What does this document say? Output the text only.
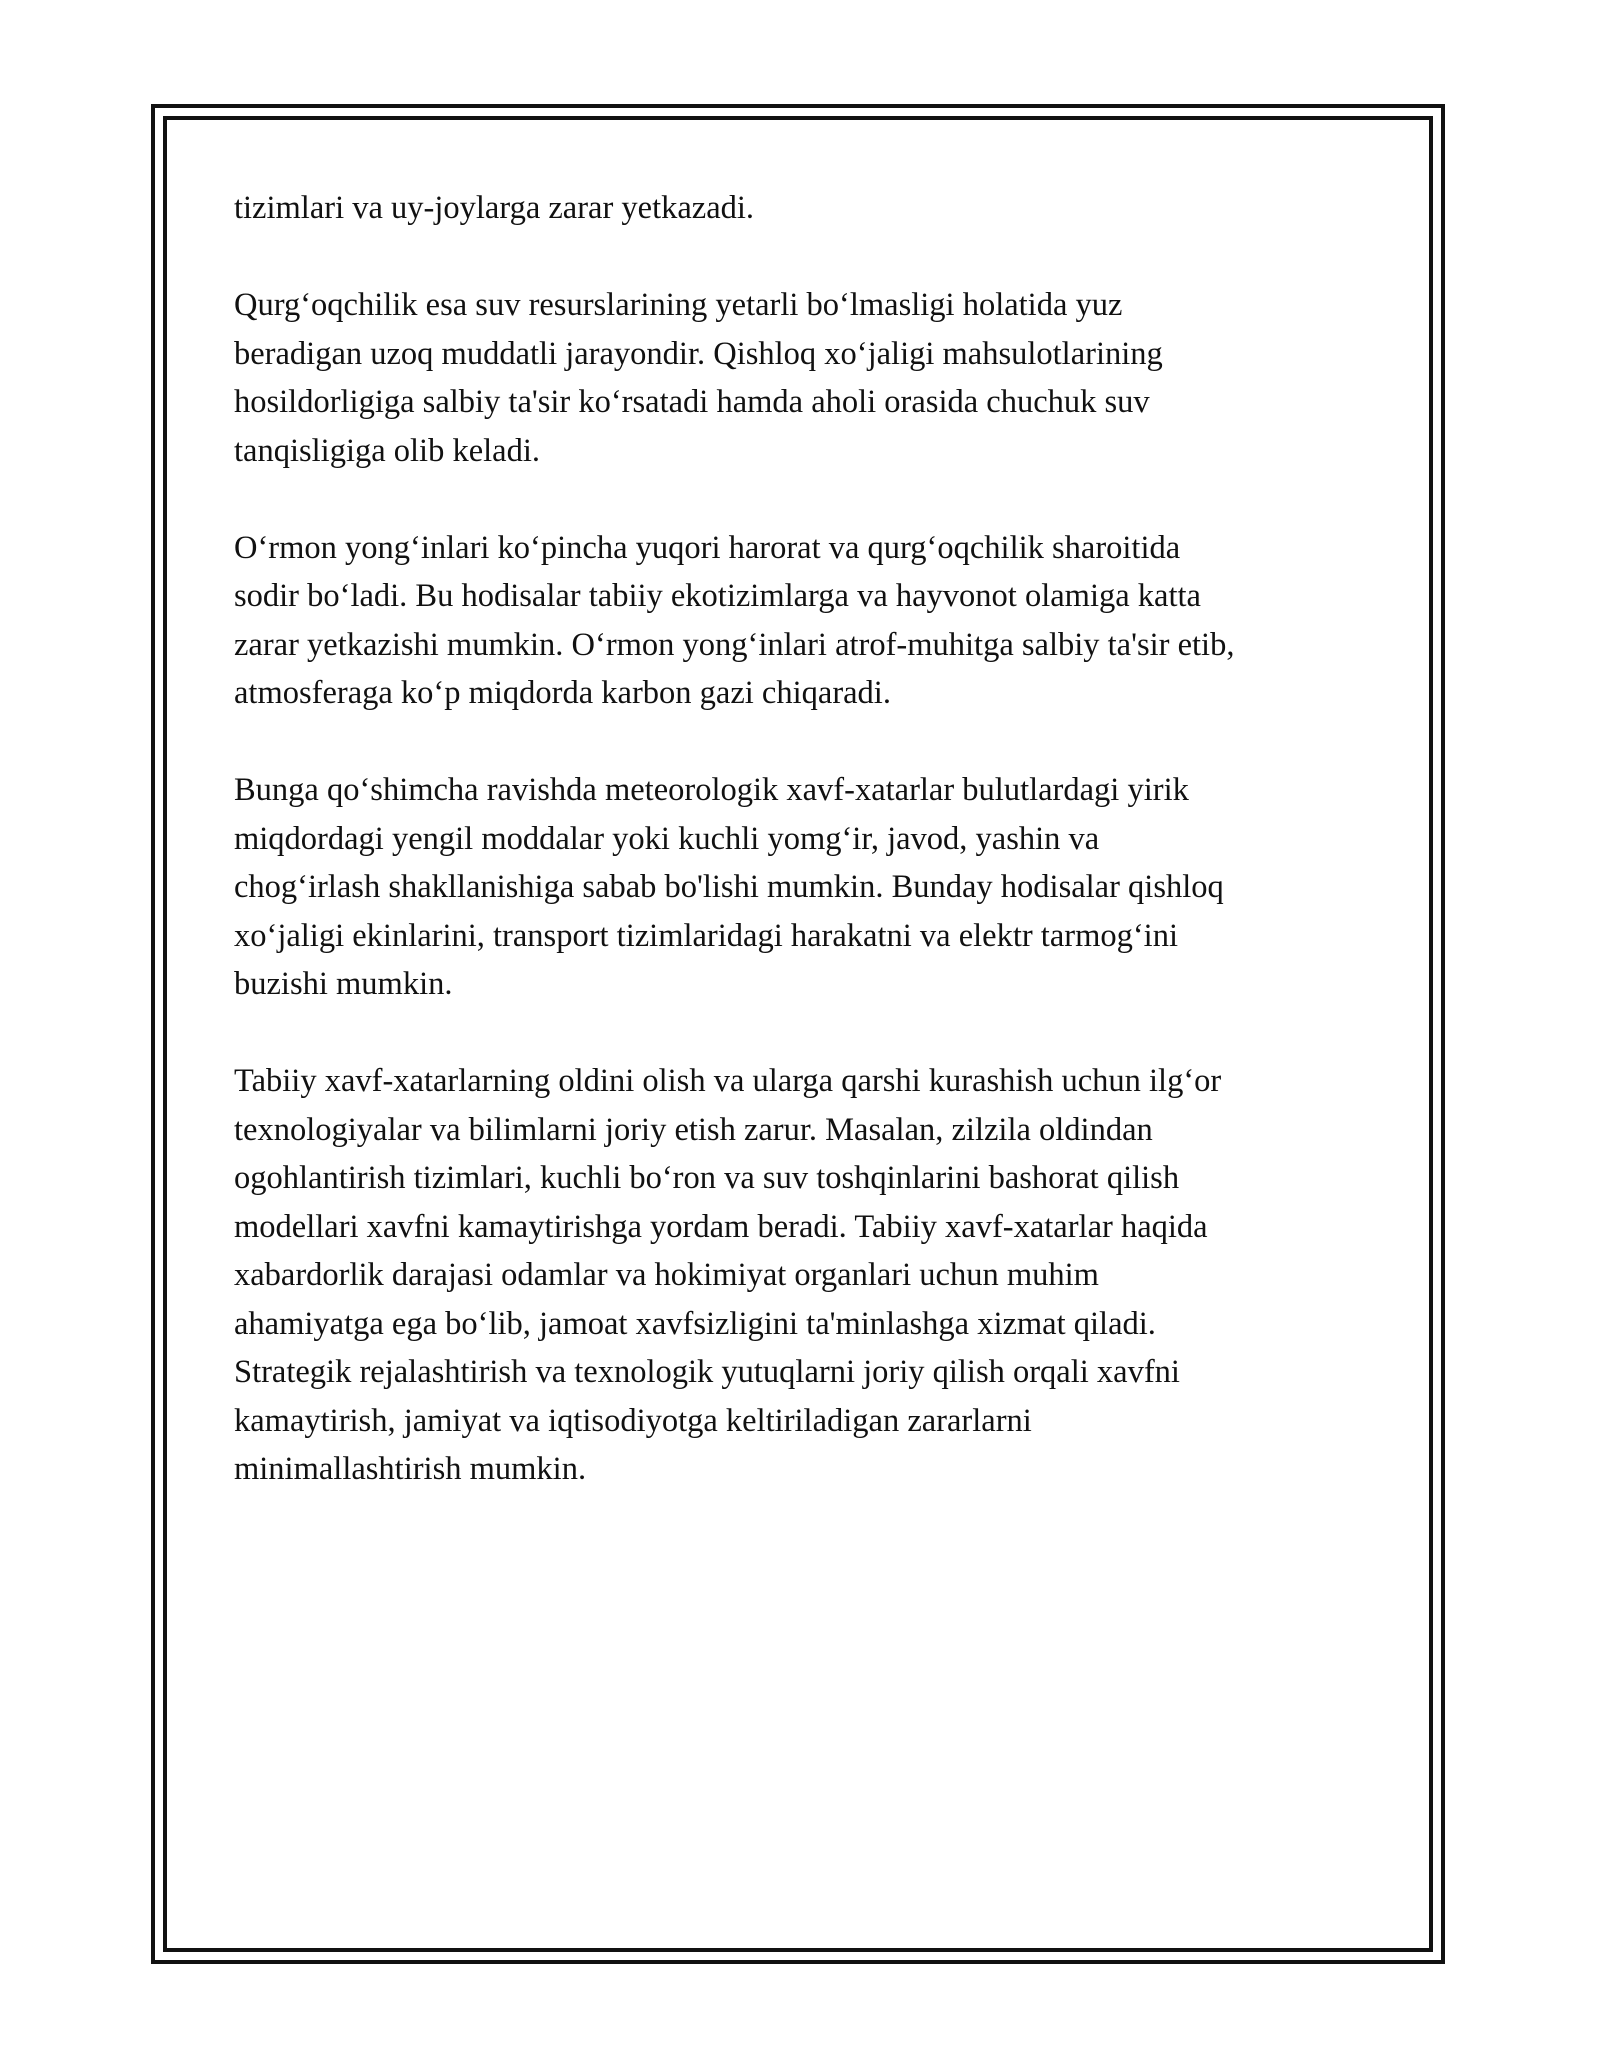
tizimlari va uy-joylarga zarar yetkazadi.

Qurg‘oqchilik esa suv resurslarining yetarli bo‘lmasligi holatida yuz
beradigan uzoq muddatli jarayondir. Qishloq xo‘jaligi mahsulotlarining
hosildorligiga salbiy ta'sir ko‘rsatadi hamda aholi orasida chuchuk suv
tanqisligiga olib keladi.

O‘rmon yong‘inlari ko‘pincha yuqori harorat va qurg‘oqchilik sharoitida
sodir bo‘ladi. Bu hodisalar tabiiy ekotizimlarga va hayvonot olamiga katta
zarar yetkazishi mumkin. O‘rmon yong‘inlari atrof-muhitga salbiy ta'sir etib,
atmosferaga ko‘p miqdorda karbon gazi chiqaradi.

Bunga qo‘shimcha ravishda meteorologik xavf-xatarlar bulutlardagi yirik
miqdordagi yengil moddalar yoki kuchli yomg‘ir, javod, yashin va
chog‘irlash shakllanishiga sabab bo'lishi mumkin. Bunday hodisalar qishloq
xo‘jaligi ekinlarini, transport tizimlaridagi harakatni va elektr tarmog‘ini
buzishi mumkin.

Tabiiy xavf-xatarlarning oldini olish va ularga qarshi kurashish uchun ilg‘or
texnologiyalar va bilimlarni joriy etish zarur. Masalan, zilzila oldindan
ogohlantirish tizimlari, kuchli bo‘ron va suv toshqinlarini bashorat qilish
modellari xavfni kamaytirishga yordam beradi. Tabiiy xavf-xatarlar haqida
xabardorlik darajasi odamlar va hokimiyat organlari uchun muhim
ahamiyatga ega bo‘lib, jamoat xavfsizligini ta'minlashga xizmat qiladi.
Strategik rejalashtirish va texnologik yutuqlarni joriy qilish orqali xavfni
kamaytirish, jamiyat va iqtisodiyotga keltiriladigan zararlarni
minimallashtirish mumkin.
